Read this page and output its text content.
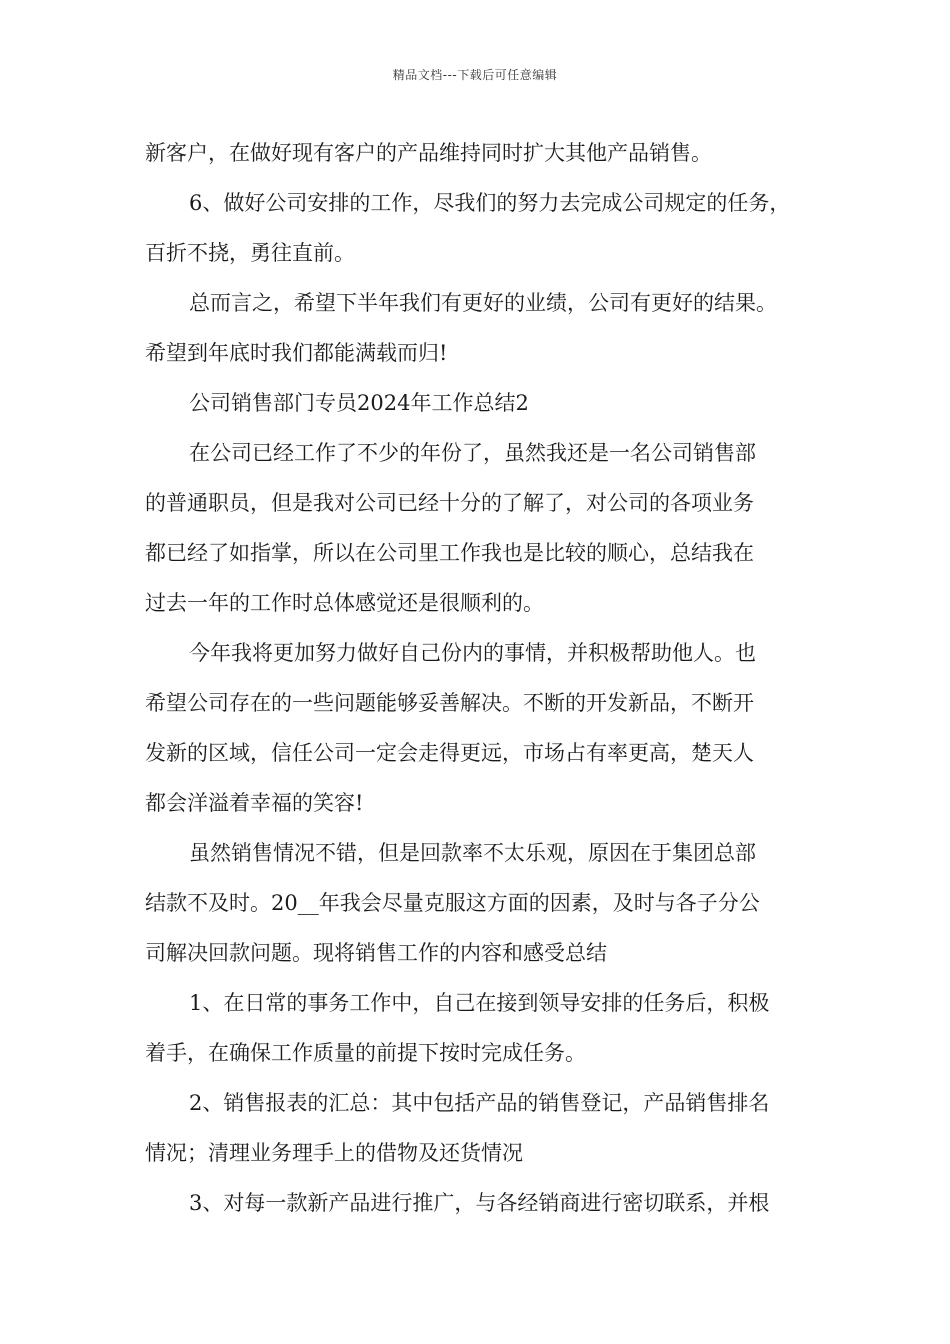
精品文档---下载后可任意编辑

新客户，在做好现有客户的产品维持同时扩大其他产品销售。

6、做好公司安排的工作，尽我们的努力去完成公司规定的任务，

百折不挠，勇往直前。

总而言之，希望下半年我们有更好的业绩，公司有更好的结果。

希望到年底时我们都能满载而归!

公司销售部门专员2024年工作总结2

在公司已经工作了不少的年份了，虽然我还是一名公司销售部

的普通职员，但是我对公司已经十分的了解了，对公司的各项业务

都已经了如指掌，所以在公司里工作我也是比较的顺心，总结我在

过去一年的工作时总体感觉还是很顺利的。

今年我将更加努力做好自己份内的事情，并积极帮助他人。也

希望公司存在的一些问题能够妥善解决。不断的开发新品，不断开

发新的区域，信任公司一定会走得更远，市场占有率更高，楚天人

都会洋溢着幸福的笑容!

虽然销售情况不错，但是回款率不太乐观，原因在于集团总部

结款不及时。20__年我会尽量克服这方面的因素，及时与各子分公

司解决回款问题。现将销售工作的内容和感受总结

1、在日常的事务工作中，自己在接到领导安排的任务后，积极

着手，在确保工作质量的前提下按时完成任务。

2、销售报表的汇总：其中包括产品的销售登记，产品销售排名

情况；清理业务理手上的借物及还货情况

3、对每一款新产品进行推广，与各经销商进行密切联系，并根
